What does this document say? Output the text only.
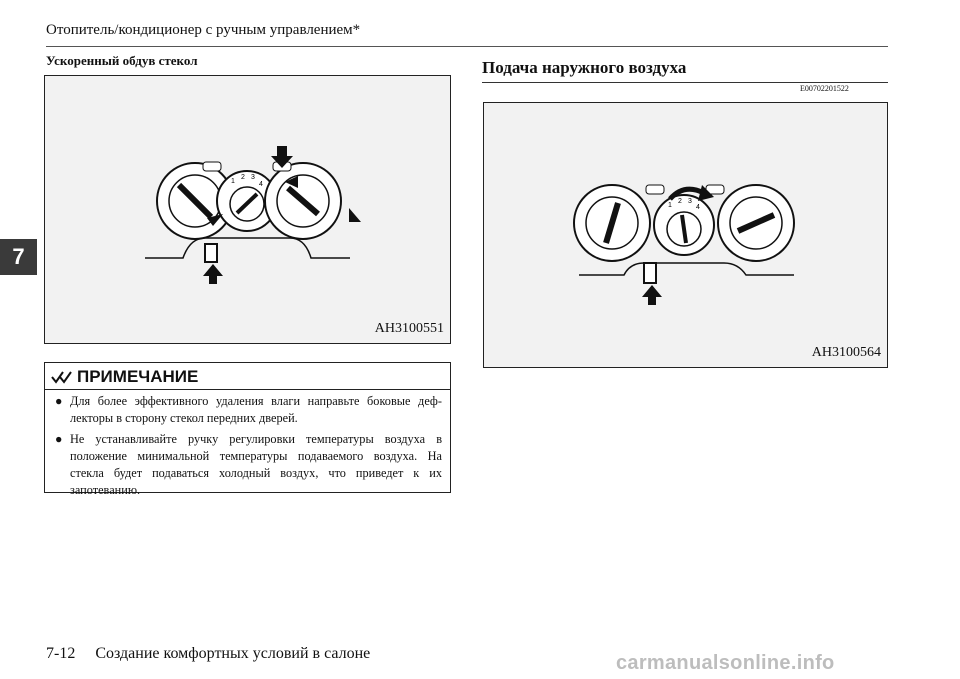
Отопитель/кондиционер с ручным управлением*
7
Ускоренный обдув стекол
1
2 3
4
AH3100551
ПРИМЕЧАНИЕ
● Для более эффективного удаления влаги направьте боковые деф-лекторы в сторону стекол передних дверей.
● Не устанавливайте ручку регулировки температуры воздуха в положение минимальной температуры подаваемого воздуха. На стекла будет подаваться холодный воздух, что приведет к их запотеванию.
Подача наружного воздуха
E00702201522
1
2 3
4
AH3100564
7-12 Создание комфортных условий в салоне	carmanualsonline.info
